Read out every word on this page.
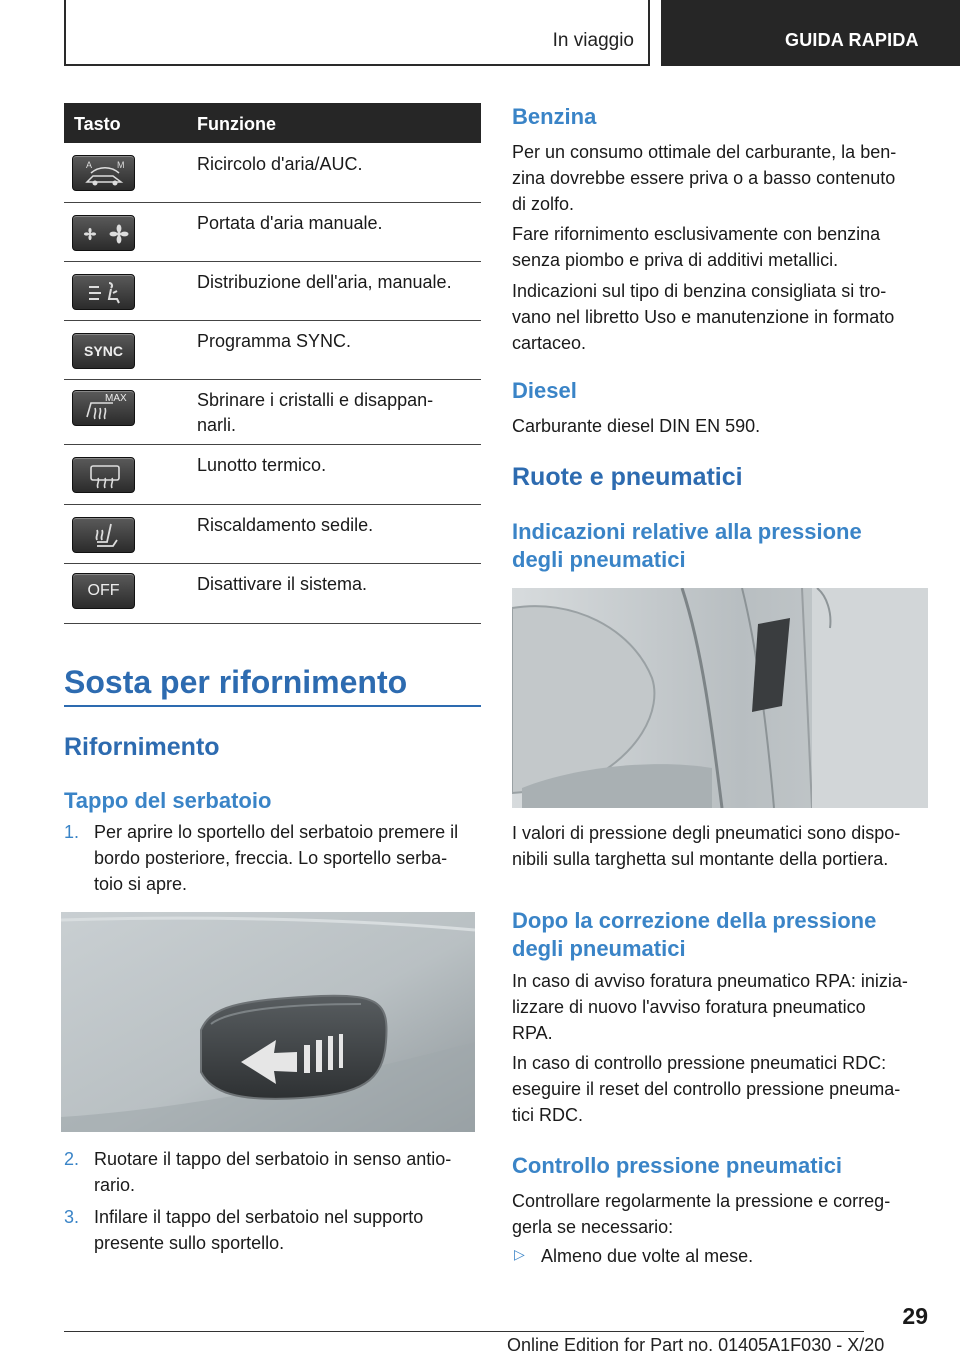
In viaggio	GUIDA RAPIDA
Tasto	Funzione
A	M	Ricircolo d'aria/AUC.
Portata d'aria manuale.
Distribuzione dell'aria, manuale.
SYNC	Programma SYNC.
MAX	Sbrinare i cristalli e disappan-
narli.
Lunotto termico.
Riscaldamento sedile.
OFF	Disattivare il sistema.
Sosta per rifornimento
Rifornimento
Tappo del serbatoio
1. Per aprire lo sportello del serbatoio premere il
bordo posteriore, freccia. Lo sportello serba-
toio si apre.
2. Ruotare il tappo del serbatoio in senso antio-
rario.
3. Infilare il tappo del serbatoio nel supporto
presente sullo sportello.
Benzina
Per un consumo ottimale del carburante, la ben-
zina dovrebbe essere priva o a basso contenuto
di zolfo.
Fare rifornimento esclusivamente con benzina
senza piombo e priva di additivi metallici.
Indicazioni sul tipo di benzina consigliata si tro-
vano nel libretto Uso e manutenzione in formato
cartaceo.
Diesel
Carburante diesel DIN EN 590.
Ruote e pneumatici
Indicazioni relative alla pressione
degli pneumatici
I valori di pressione degli pneumatici sono dispo-
nibili sulla targhetta sul montante della portiera.
Dopo la correzione della pressione
degli pneumatici
In caso di avviso foratura pneumatico RPA: inizia-
lizzare di nuovo l'avviso foratura pneumatico
RPA.
In caso di controllo pressione pneumatici RDC:
eseguire il reset del controllo pressione pneuma-
tici RDC.
Controllo pressione pneumatici
Controllare regolarmente la pressione e correg-
gerla se necessario:
▷ Almeno due volte al mese.
29
Online Edition for Part no. 01405A1F030 - X/20
